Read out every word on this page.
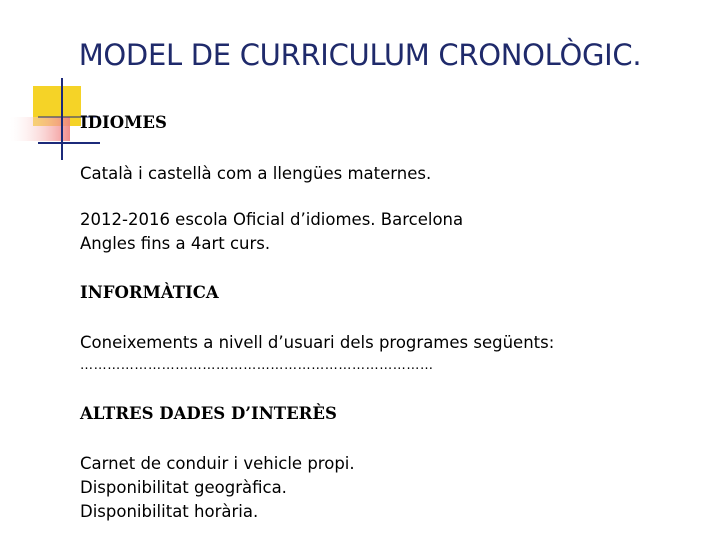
MODEL DE CURRICULUM CRONOLÒGIC.
IDIOMES
Català i castellà com a llengües maternes.
2012-2016 escola Oficial d’idiomes. Barcelona
Angles fins a 4art curs.
INFORMÀTICA
Coneixements a nivell d’usuari dels programes següents:
……………………………………………………………………
ALTRES DADES D’INTERÈS
Carnet de conduir i vehicle propi.
Disponibilitat geogràfica.
Disponibilitat horària.
